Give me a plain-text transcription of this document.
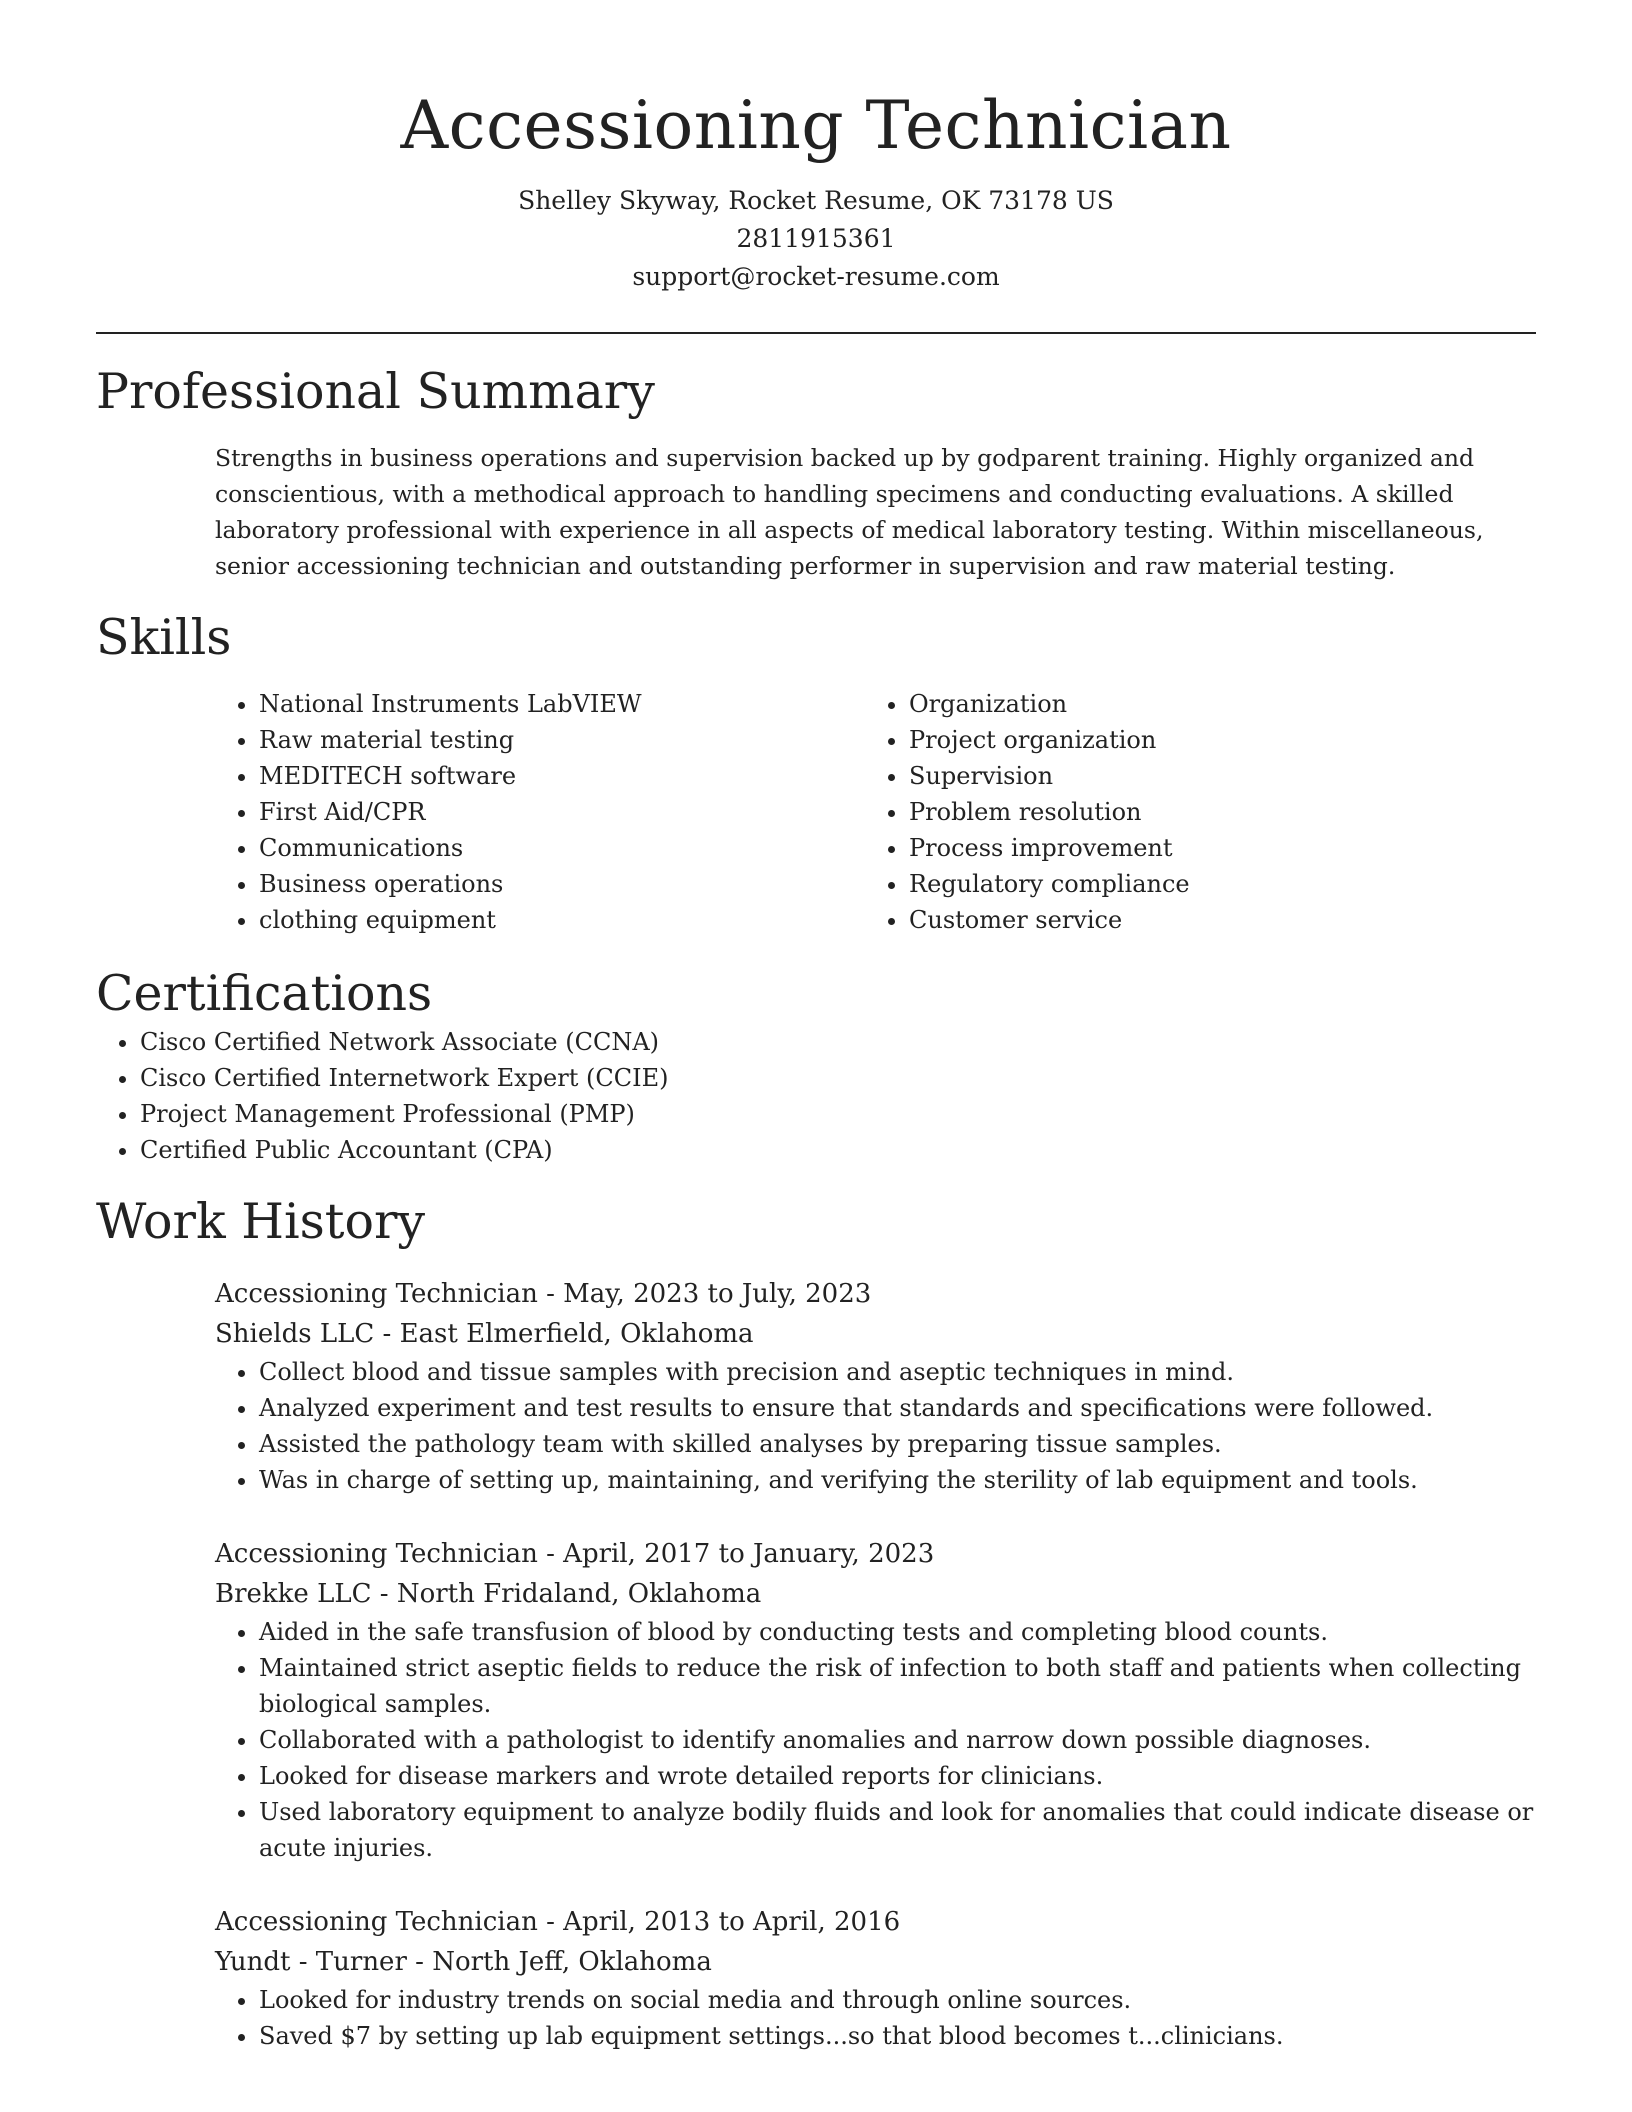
Accessioning Technician
Shelley Skyway, Rocket Resume, OK 73178 US
2811915361
support@rocket-resume.com
Professional Summary
Strengths in business operations and supervision backed up by godparent training. Highly organized and conscientious, with a methodical approach to handling specimens and conducting evaluations. A skilled laboratory professional with experience in all aspects of medical laboratory testing. Within miscellaneous, senior accessioning technician and outstanding performer in supervision and raw material testing.
Skills
• National Instruments LabVIEW
• Raw material testing
• MEDITECH software
• First Aid/CPR
• Communications
• Business operations
• clothing equipment
• Organization
• Project organization
• Supervision
• Problem resolution
• Process improvement
• Regulatory compliance
• Customer service
Certifications
• Cisco Certified Network Associate (CCNA)
• Cisco Certified Internetwork Expert (CCIE)
• Project Management Professional (PMP)
• Certified Public Accountant (CPA)
Work History
Accessioning Technician - May, 2023 to July, 2023
Shields LLC - East Elmerfield, Oklahoma
• Collect blood and tissue samples with precision and aseptic techniques in mind.
• Analyzed experiment and test results to ensure that standards and specifications were followed.
• Assisted the pathology team with skilled analyses by preparing tissue samples.
• Was in charge of setting up, maintaining, and verifying the sterility of lab equipment and tools.
Accessioning Technician - April, 2017 to January, 2023
Brekke LLC - North Fridaland, Oklahoma
• Aided in the safe transfusion of blood by conducting tests and completing blood counts.
• Maintained strict aseptic fields to reduce the risk of infection to both staff and patients when collecting biological samples.
• Collaborated with a pathologist to identify anomalies and narrow down possible diagnoses.
• Looked for disease markers and wrote detailed reports for clinicians.
• Used laboratory equipment to analyze bodily fluids and look for anomalies that could indicate disease or acute injuries.
Accessioning Technician - April, 2013 to April, 2016
Yundt - Turner - North Jeff, Oklahoma
• Looked for industry trends on social media and through online sources.
• Saved $7 by setting up lab equipment settings...so that blood becomes t...clinicians.
